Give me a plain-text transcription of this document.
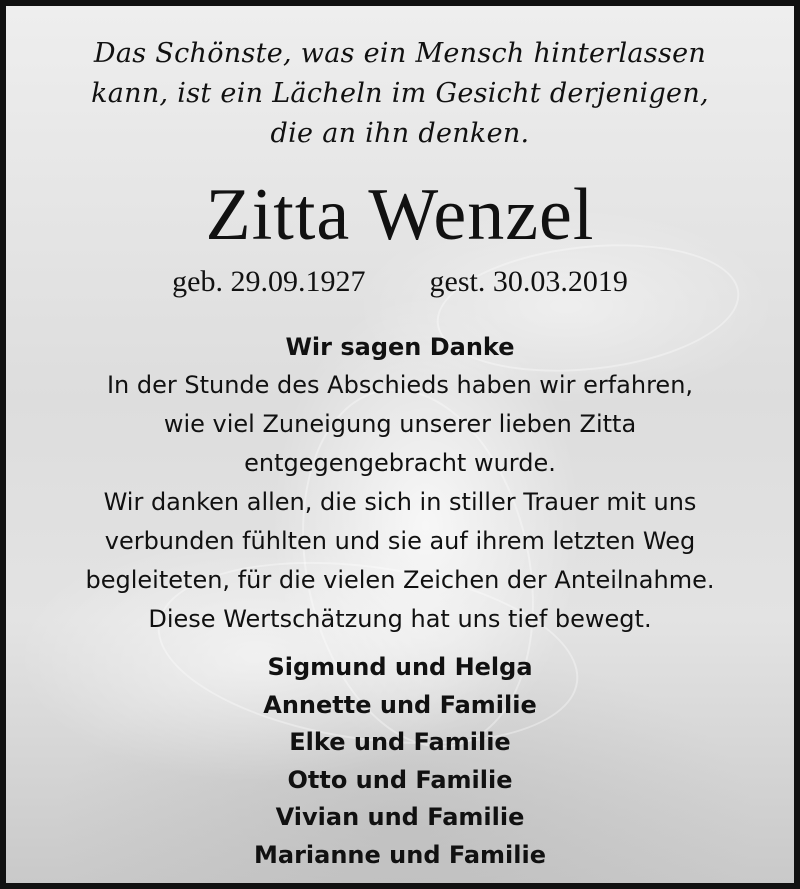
Das Schönste, was ein Mensch hinterlassen
kann, ist ein Lächeln im Gesicht derjenigen,
die an ihn denken.
Zitta Wenzel
geb. 29.09.1927 gest. 30.03.2019
Wir sagen Danke
In der Stunde des Abschieds haben wir erfahren,
wie viel Zuneigung unserer lieben Zitta
entgegengebracht wurde.
Wir danken allen, die sich in stiller Trauer mit uns
verbunden fühlten und sie auf ihrem letzten Weg
begleiteten, für die vielen Zeichen der Anteilnahme.
Diese Wertschätzung hat uns tief bewegt.
Sigmund und Helga
Annette und Familie
Elke und Familie
Otto und Familie
Vivian und Familie
Marianne und Familie
